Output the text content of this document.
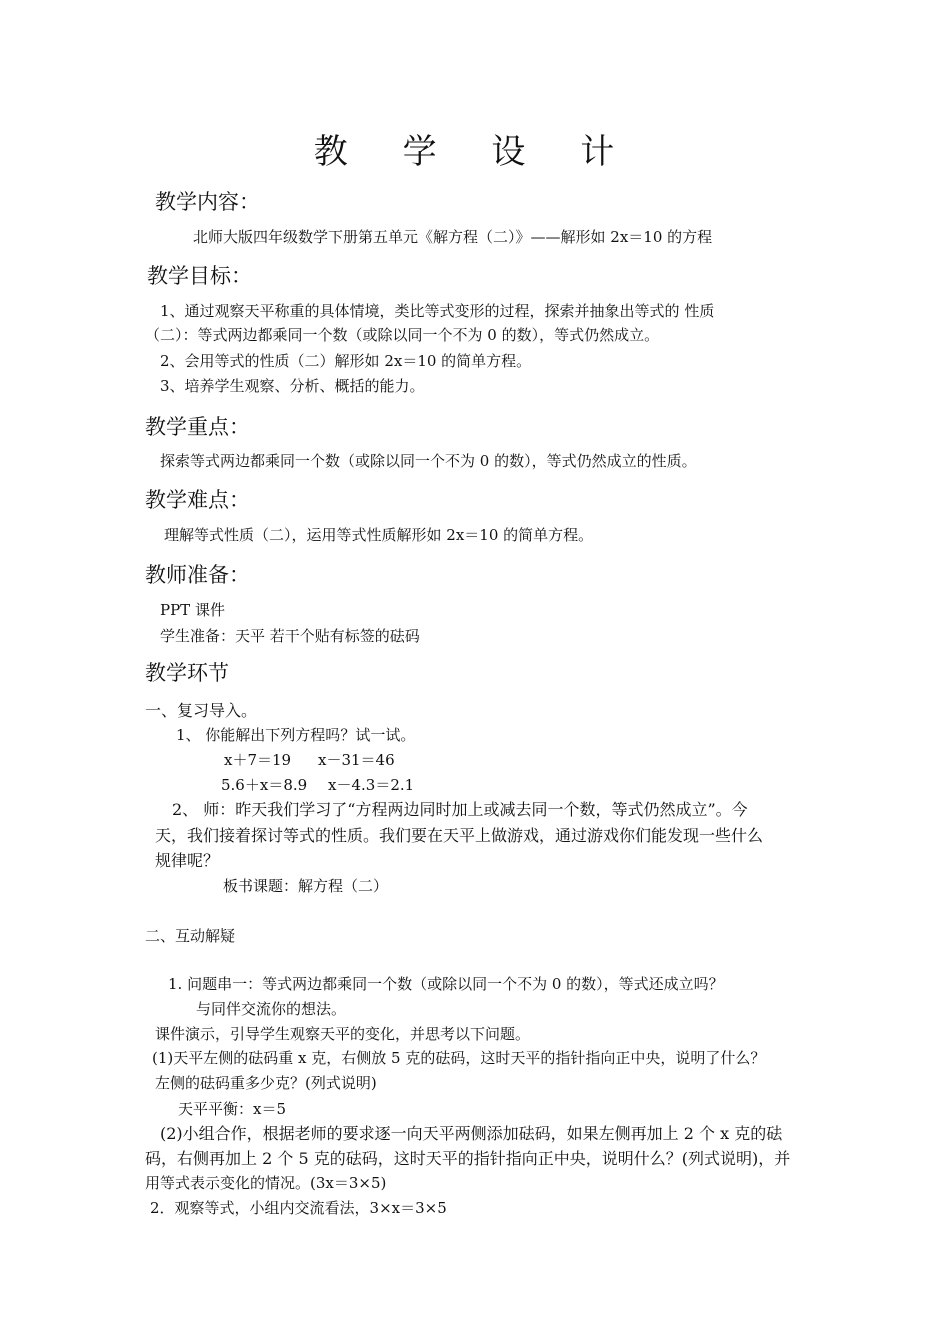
教 学 设 计
教学内容：
北师大版四年级数学下册第五单元《解方程（二）》——解形如 2x＝10 的方程
教学目标：
1、通过观察天平称重的具体情境，类比等式变形的过程，探索并抽象出等式的 性质
（二）：等式两边都乘同一个数（或除以同一个不为 0 的数），等式仍然成立。
2、会用等式的性质（二）解形如 2x＝10 的简单方程。
3、培养学生观察、分析、概括的能力。
教学重点：
探索等式两边都乘同一个数（或除以同一个不为 0 的数），等式仍然成立的性质。
教学难点：
理解等式性质（二），运用等式性质解形如 2x＝10 的简单方程。
教师准备：
PPT 课件
学生准备：天平 若干个贴有标签的砝码
教学环节
一、复习导入。
1、 你能解出下列方程吗？试一试。
x＋7＝19 x－31＝46
5.6＋x＝8.9 x－4.3＝2.1
2、 师：昨天我们学习了“方程两边同时加上或减去同一个数，等式仍然成立”。今
天，我们接着探讨等式的性质。我们要在天平上做游戏，通过游戏你们能发现一些什么
规律呢？
板书课题：解方程（二）
二、互动解疑
1. 问题串一：等式两边都乘同一个数（或除以同一个不为 0 的数），等式还成立吗？
与同伴交流你的想法。
课件演示，引导学生观察天平的变化，并思考以下问题。
(1)天平左侧的砝码重 x 克，右侧放 5 克的砝码，这时天平的指针指向正中央，说明了什么？
左侧的砝码重多少克？(列式说明)
天平平衡：x＝5
(2)小组合作，根据老师的要求逐一向天平两侧添加砝码，如果左侧再加上 2 个 x 克的砝
码，右侧再加上 2 个 5 克的砝码，这时天平的指针指向正中央，说明什么？(列式说明)，并
用等式表示变化的情况。(3x＝3×5)
2．观察等式，小组内交流看法，3×x＝3×5
